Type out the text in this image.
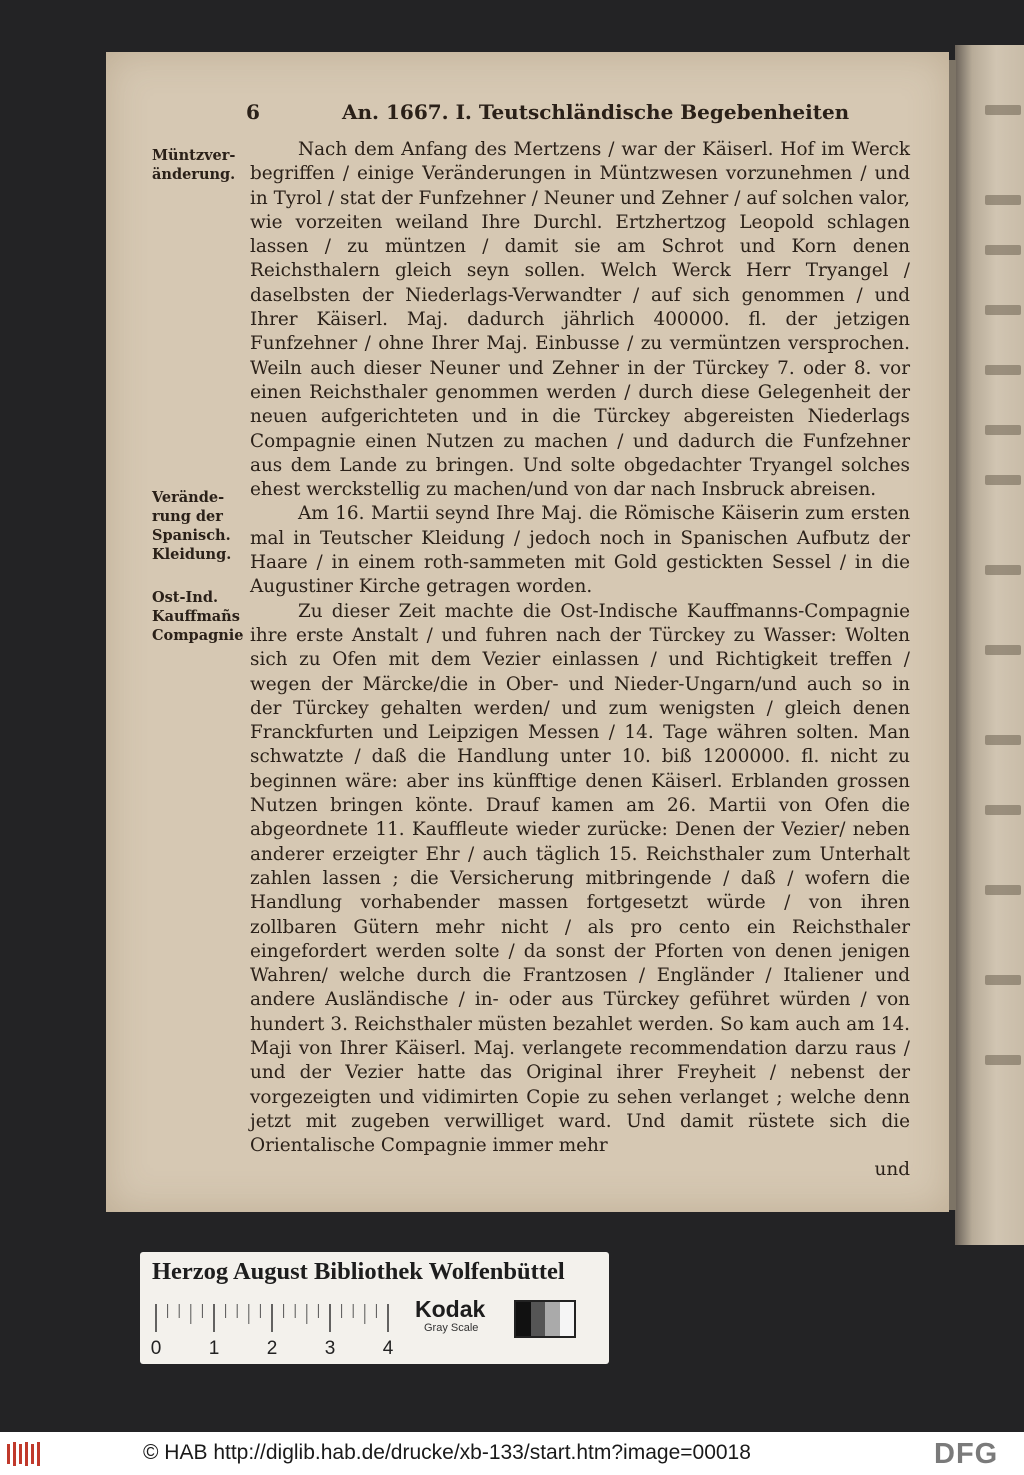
6	An. 1667. I. Teutschländische Begebenheiten
Müntzver- änderung.
Verände- rung der Spanisch. Kleidung.
Ost-Ind. Kauffmañs Compagnie

Nach dem Anfang des Mertzens / war der Käiserl. Hof im Werck begriffen / einige Veränderungen in Müntzwesen vorzunehmen / und in Tyrol / stat der Funfzehner / Neuner und Zehner / auf solchen valor, wie vorzeiten weiland Ihre Durchl. Ertzhertzog Leopold schlagen lassen / zu müntzen / damit sie am Schrot und Korn denen Reichsthalern gleich seyn sollen. Welch Werck Herr Tryangel / daselbsten der Niederlags-Verwandter / auf sich genommen / und Ihrer Käiserl. Maj. dadurch jährlich 400000. fl. der jetzigen Funfzehner / ohne Ihrer Maj. Einbusse / zu vermüntzen versprochen. Weiln auch dieser Neuner und Zehner in der Türckey 7. oder 8. vor einen Reichsthaler genommen werden / durch diese Gelegenheit der neuen aufgerichteten und in die Türckey abgereisten Niederlags Compagnie einen Nutzen zu machen / und dadurch die Funfzehner aus dem Lande zu bringen. Und solte obgedachter Tryangel solches ehest werckstellig zu machen/und von dar nach Insbruck abreisen.

Am 16. Martii seynd Ihre Maj. die Römische Käiserin zum ersten mal in Teutscher Kleidung / jedoch noch in Spanischen Aufbutz der Haare / in einem roth-sammeten mit Gold gestickten Sessel / in die Augustiner Kirche getragen worden.

Zu dieser Zeit machte die Ost-Indische Kauffmanns-Compagnie ihre erste Anstalt / und fuhren nach der Türckey zu Wasser: Wolten sich zu Ofen mit dem Vezier einlassen / und Richtigkeit treffen / wegen der Märcke/die in Ober- und Nieder-Ungarn/und auch so in der Türckey gehalten werden/ und zum wenigsten / gleich denen Franckfurten und Leipzigen Messen / 14. Tage währen solten. Man schwatzte / daß die Handlung unter 10. biß 1200000. fl. nicht zu beginnen wäre: aber ins künfftige denen Käiserl. Erblanden grossen Nutzen bringen könte. Drauf kamen am 26. Martii von Ofen die abgeordnete 11. Kauffleute wieder zurücke: Denen der Vezier/ neben anderer erzeigter Ehr / auch täglich 15. Reichsthaler zum Unterhalt zahlen lassen ; die Versicherung mitbringende / daß / wofern die Handlung vorhabender massen fortgesetzt würde / von ihren zollbaren Gütern mehr nicht / als pro cento ein Reichsthaler eingefordert werden solte / da sonst der Pforten von denen jenigen Wahren/ welche durch die Frantzosen / Engländer / Italiener und andere Ausländische / in- oder aus Türckey geführet würden / von hundert 3. Reichsthaler müsten bezahlet werden. So kam auch am 14. Maji von Ihrer Käiserl. Maj. verlangete recommendation darzu raus / und der Vezier hatte das Original ihrer Freyheit / nebenst der vorgezeigten und vidimirten Copie zu sehen verlanget ; welche denn jetzt mit zugeben verwilliget ward. Und damit rüstete sich die Orientalische Compagnie immer mehr

und

Herzog August Bibliothek Wolfenbüttel
0 1 2 3 4
Kodak
Gray Scale
© HAB http://diglib.hab.de/drucke/xb-133/start.htm?image=00018	DFG
